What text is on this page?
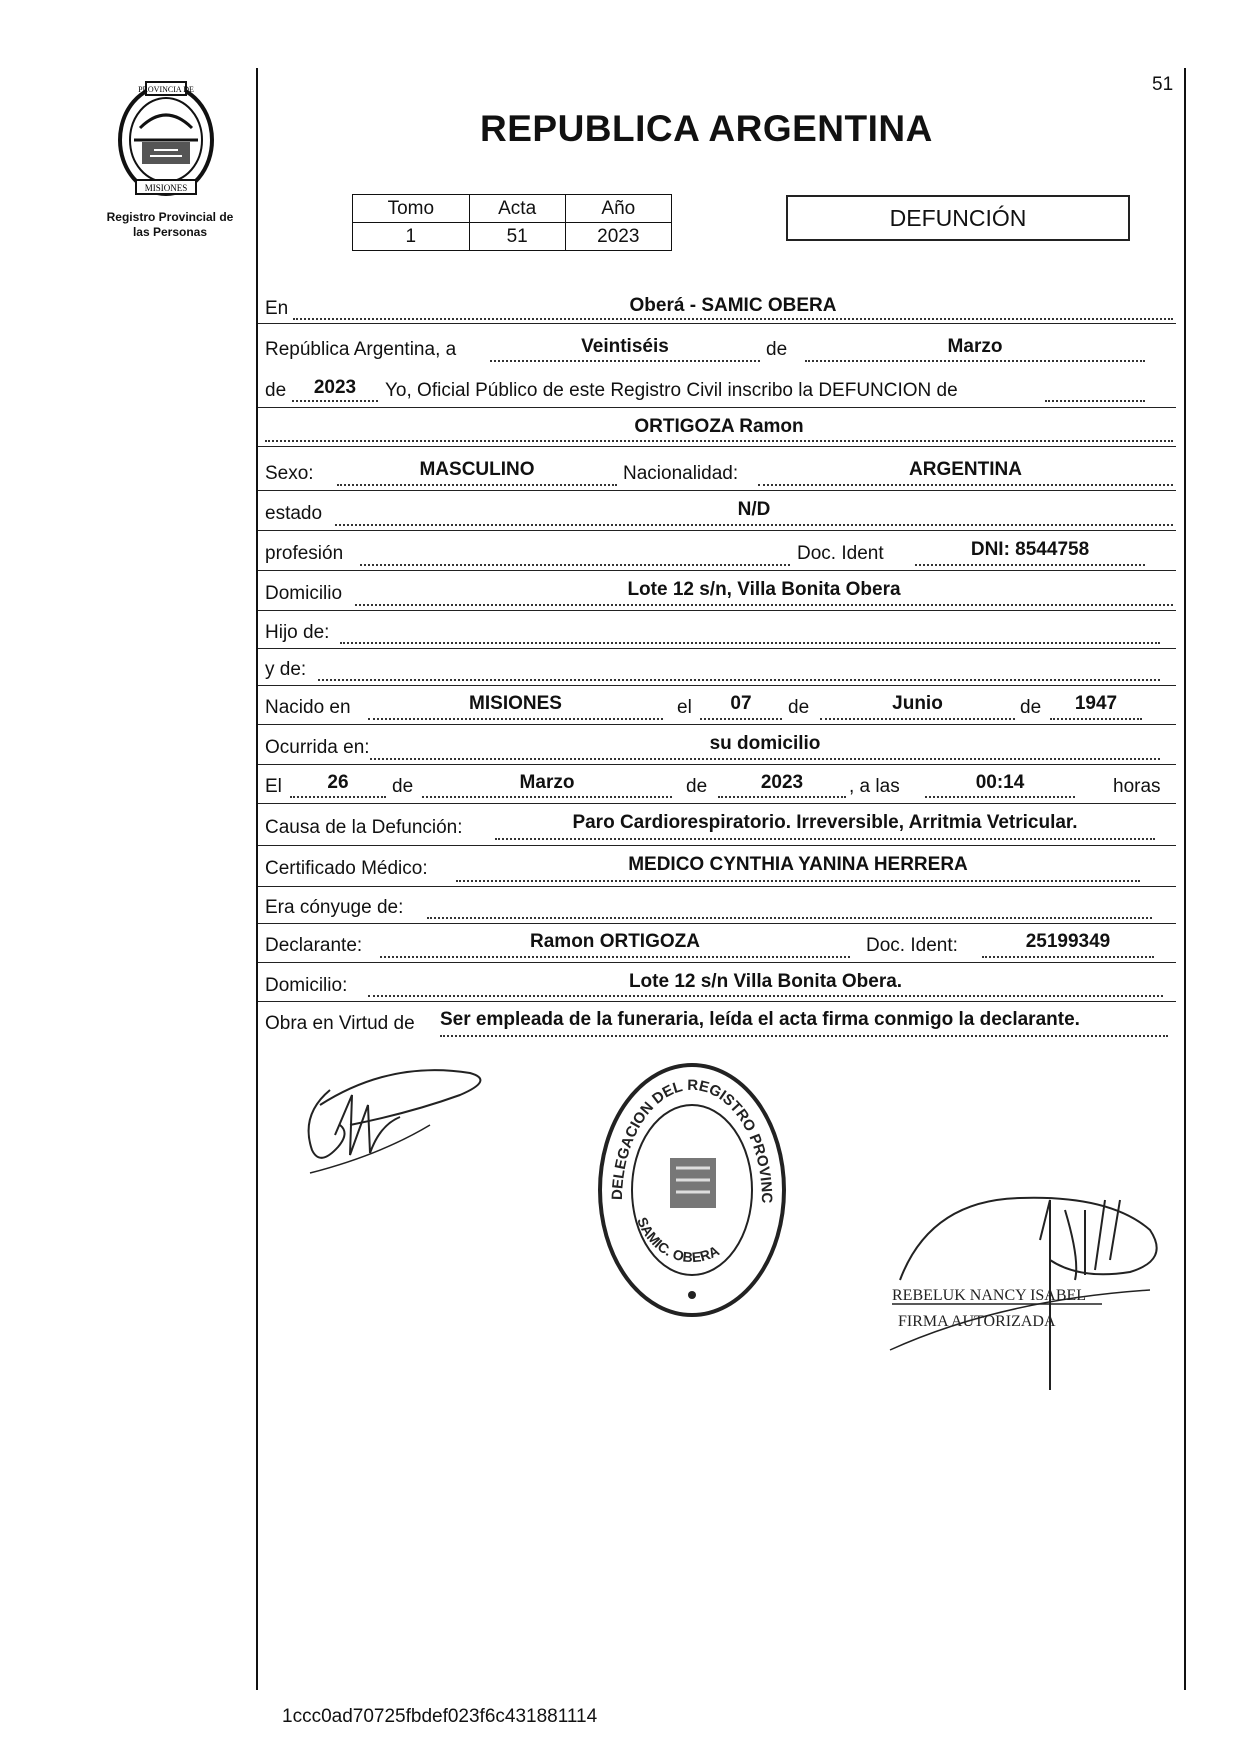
51
PROVINCIA DE
MISIONES
Registro Provincial de
las Personas
REPUBLICA ARGENTINA
Tomo	Acta	Año
1	51	2023
DEFUNCIÓN
En	Oberá - SAMIC OBERA
República Argentina, a	Veintiséis	de	Marzo
de	2023	Yo, Oficial Público de este Registro Civil inscribo la DEFUNCION de
ORTIGOZA Ramon
Sexo:	MASCULINO	Nacionalidad:	ARGENTINA
estado	N/D
profesión	Doc. Ident	DNI: 8544758
Domicilio	Lote 12 s/n, Villa Bonita Obera
Hijo de:
y de:
Nacido en	MISIONES	el	07	de	Junio	de	1947
Ocurrida en:	su domicilio
El	26	de	Marzo	de	2023	, a las	00:14	horas
Causa de la Defunción:	Paro Cardiorespiratorio. Irreversible, Arritmia Vetricular.
Certificado Médico:	MEDICO CYNTHIA YANINA HERRERA
Era cónyuge de:
Declarante:	Ramon ORTIGOZA	Doc. Ident:	25199349
Domicilio:	Lote 12 s/n Villa Bonita Obera.
Obra en Virtud de Ser empleada de la funeraria, leída el acta firma conmigo la declarante.
DELEGACION DEL REGISTRO PROVINC
SAMIC. OBERA
REBELUK NANCY ISABEL
FIRMA AUTORIZADA
1ccc0ad70725fbdef023f6c431881114
